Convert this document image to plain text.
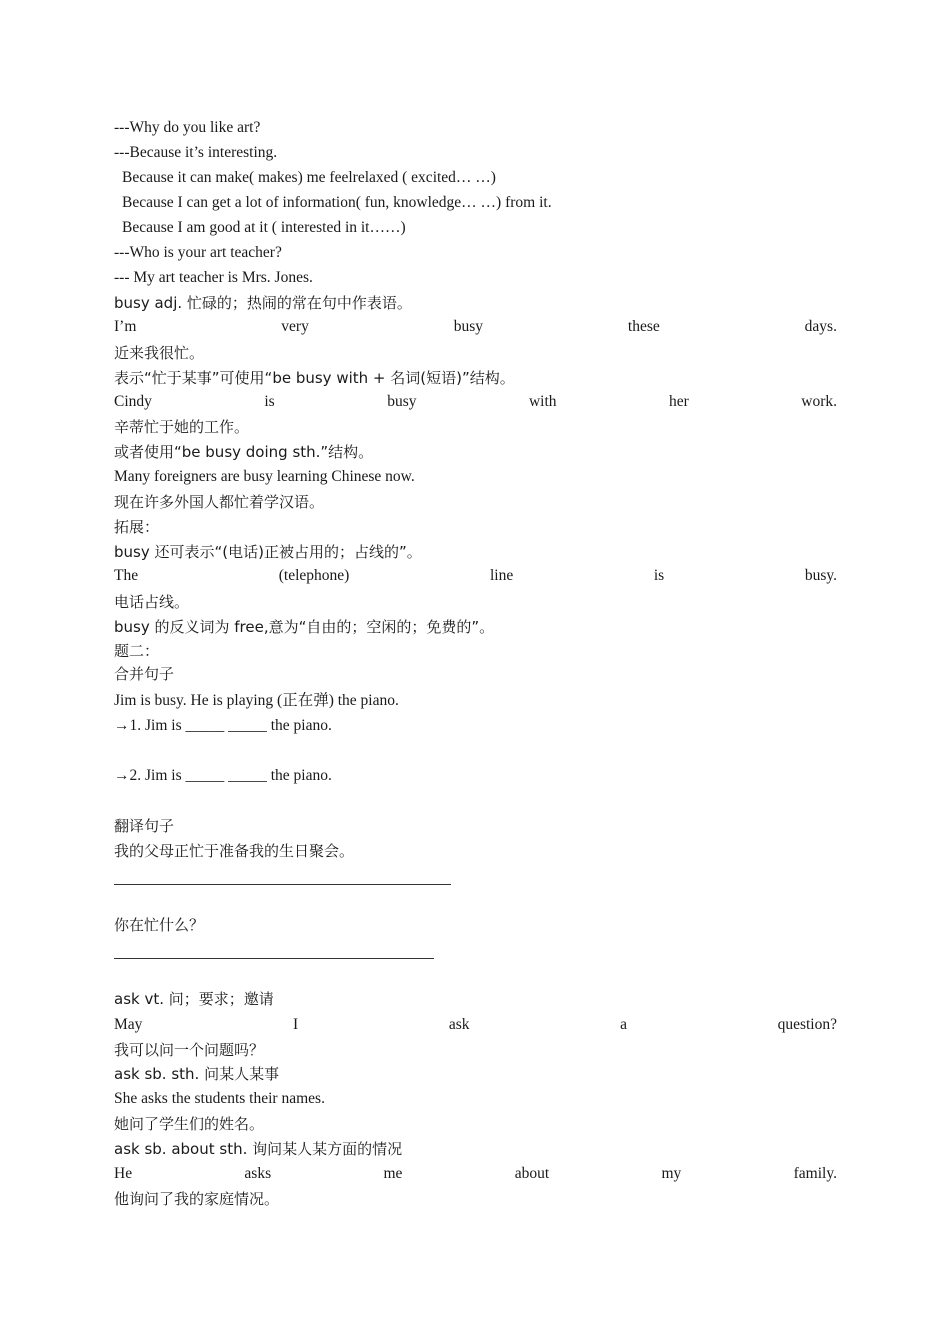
---Why do you like art?
---Because it’s interesting.
Because it can make( makes) me feelrelaxed ( excited… …)
Because I can get a lot of information( fun, knowledge… …) from it.
Because I am good at it ( interested in it……)
---Who is your art teacher?
--- My art teacher is Mrs. Jones.
busy adj. 忙碌的；热闹的常在句中作表语。
I’m	very	busy	these	days.
近来我很忙。
表示“忙于某事”可使用“be busy with + 名词(短语)”结构。
Cindy	is	busy	with	her	work.
辛蒂忙于她的工作。
或者使用“be busy doing sth.”结构。
Many foreigners are busy learning Chinese now.
现在许多外国人都忙着学汉语。
拓展：
busy 还可表示“(电话)正被占用的；占线的”。
The	(telephone)	line	is	busy.
电话占线。
busy 的反义词为 free,意为“自由的；空闲的；免费的”。
题二：
合并句子
Jim is busy. He is playing (正在弹) the piano.
→1. Jim is _____ _____ the piano.
→2. Jim is _____ _____ the piano.
翻译句子
我的父母正忙于准备我的生日聚会。
你在忙什么？
ask vt. 问；要求；邀请
May	I	ask	a	question?
我可以问一个问题吗？
ask sb. sth. 问某人某事
She asks the students their names.
她问了学生们的姓名。
ask sb. about sth. 询问某人某方面的情况
He	asks	me	about	my	family.
他询问了我的家庭情况。
